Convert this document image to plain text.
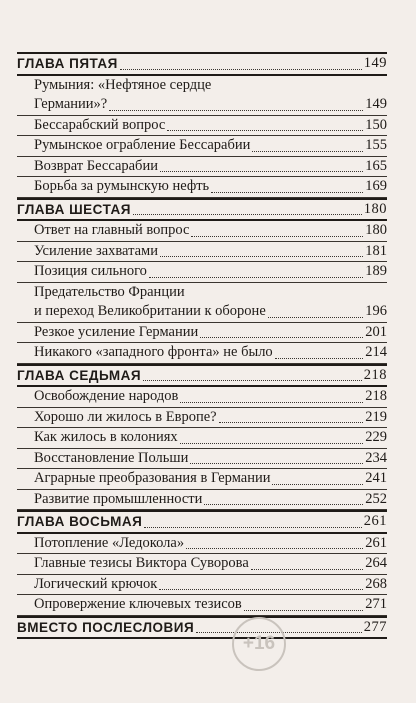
ГЛАВА ПЯТАЯ	149
Румыния: «Нефтяное сердце
Германии»?	149
Бессарабский вопрос	150
Румынское ограбление Бессарабии	155
Возврат Бессарабии	165
Борьба за румынскую нефть	169
ГЛАВА ШЕСТАЯ	180
Ответ на главный вопрос	180
Усиление захватами	181
Позиция сильного	189
Предательство Франции
и переход Великобритании к обороне	196
Резкое усиление Германии	201
Никакого «западного фронта» не было	214
ГЛАВА СЕДЬМАЯ	218
Освобождение народов	218
Хорошо ли жилось в Европе?	219
Как жилось в колониях	229
Восстановление Польши	234
Аграрные преобразования в Германии	241
Развитие промышленности	252
ГЛАВА ВОСЬМАЯ	261
Потопление «Ледокола»	261
Главные тезисы Виктора Суворова	264
Логический крючок	268
Опровержение ключевых тезисов	271
ВМЕСТО ПОСЛЕСЛОВИЯ	277
+16
